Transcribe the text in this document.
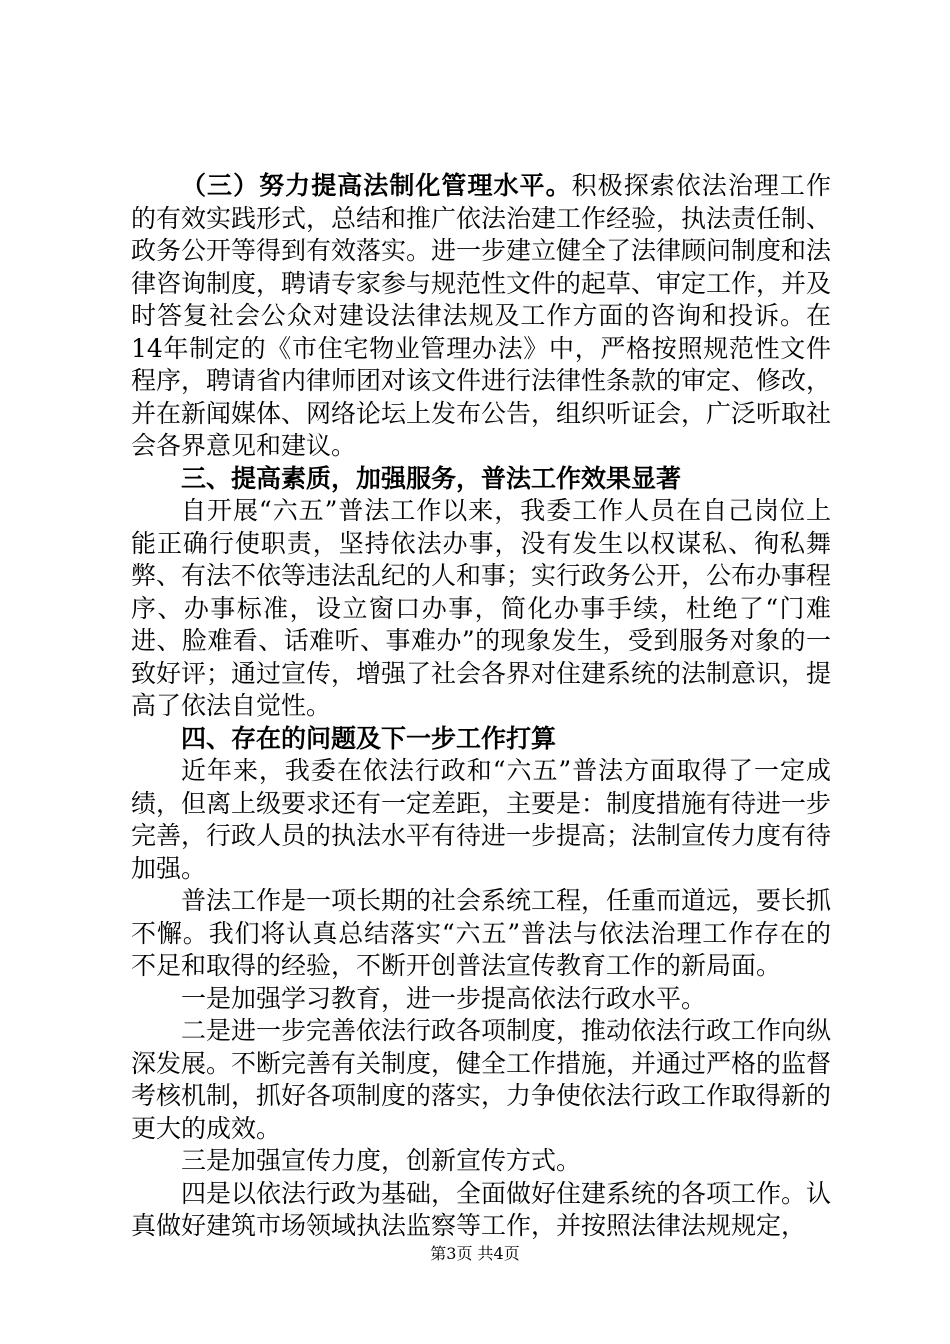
（三）努力提高法制化管理水平。积极探索依法治理工作的有效实践形式，总结和推广依法治建工作经验，执法责任制、政务公开等得到有效落实。进一步建立健全了法律顾问制度和法律咨询制度，聘请专家参与规范性文件的起草、审定工作，并及时答复社会公众对建设法律法规及工作方面的咨询和投诉。在14年制定的《市住宅物业管理办法》中，严格按照规范性文件程序，聘请省内律师团对该文件进行法律性条款的审定、修改，并在新闻媒体、网络论坛上发布公告，组织听证会，广泛听取社会各界意见和建议。

三、提高素质，加强服务，普法工作效果显著

自开展“六五”普法工作以来，我委工作人员在自己岗位上能正确行使职责，坚持依法办事，没有发生以权谋私、徇私舞弊、有法不依等违法乱纪的人和事；实行政务公开，公布办事程序、办事标准，设立窗口办事，简化办事手续，杜绝了“门难进、脸难看、话难听、事难办”的现象发生，受到服务对象的一致好评；通过宣传，增强了社会各界对住建系统的法制意识，提高了依法自觉性。

四、存在的问题及下一步工作打算

近年来，我委在依法行政和“六五”普法方面取得了一定成绩，但离上级要求还有一定差距，主要是：制度措施有待进一步完善，行政人员的执法水平有待进一步提高；法制宣传力度有待加强。

普法工作是一项长期的社会系统工程，任重而道远，要长抓不懈。我们将认真总结落实“六五”普法与依法治理工作存在的不足和取得的经验，不断开创普法宣传教育工作的新局面。

一是加强学习教育，进一步提高依法行政水平。

二是进一步完善依法行政各项制度，推动依法行政工作向纵深发展。不断完善有关制度，健全工作措施，并通过严格的监督考核机制，抓好各项制度的落实，力争使依法行政工作取得新的更大的成效。

三是加强宣传力度，创新宣传方式。

四是以依法行政为基础，全面做好住建系统的各项工作。认真做好建筑市场领域执法监察等工作，并按照法律法规规定，

第3页 共4页
